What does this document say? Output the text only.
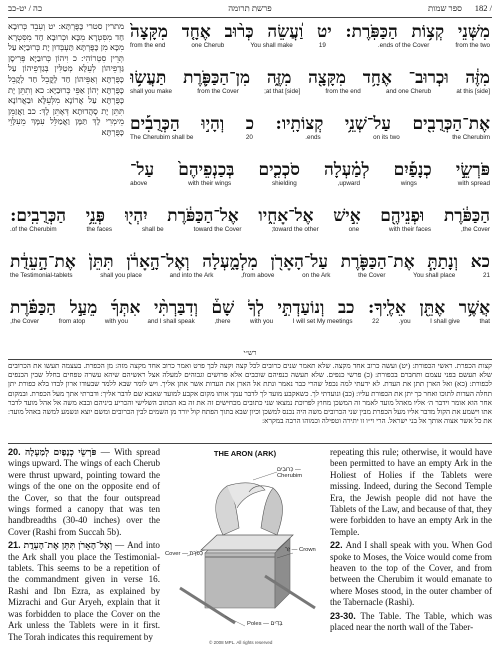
כה / יט-כב	פרשת תרומה	ספר שמות 182 /
מתרין סטרי כָּפֻּרְתָּא: יט וְעִבֵד כְּרוּבָא חַד מִסִּטְרָא מִכָּא וּכְרוּבָא חַד מִסִּטְרָא מִכָּא מִן כָּפֻּרְתָּא תַּעְבְּדוּן יָת כְּרוּבַיָּא עַל תְּרֵין סִטְרוֹהִי: כ וִיהוֹן כְּרוּבַיָּא פְּרִיסָן גַּדְפֵיהוֹן לְעֵלָּא מְטַלִּין בְּגַדְפֵיהוֹן עַל כָּפֻּרְתָּא וְאַפֵּיהוֹן חַד לָקֳבֵל חַד לָקֳבֵל כָּפֻּרְתָּא יְהוֹן אַפֵּי כְּרוּבַיָּא: כא וְתִתֵּן יָת כָּפֻּרְתָּא עַל אֲרוֹנָא מִלְּעֵלָּא וּבַאֲרוֹנָא תִּתֵּן יָת סָהֲדוּתָא דְּאֶתֵּן לָךְ: כב וַאֲזַמֵּן מֵימְרִי לָךְ תַּמָּן וַאֲמַלֵּל עִמָּךְ מֵעִלָּוֵי כָּפֻּרְתָּא
מִשְּׁנֵי
קְצ֥וֹת
הַכַּפֹּֽרֶת:
יט
וַ֠עֲשֵׂה
כְּר֨וּב
אֶחָ֤ד
מִקָּצָה֙
from the two
ends of the Cover.
19
You shall make
one Cherub
from the end
מִזֶּ֔ה
וּכְרוּב־
אֶחָ֥ד
מִקָּצָ֖ה
מִזֶּ֑ה
מִן־הַכַּפֹּ֛רֶת
תַּעֲשׂ֥וּ
at this [side]
and one Cherub
from the end
at that [side];
from the Cover
shall you make
אֶת־הַכְּרֻבִ֖ים
עַל־שְׁנֵ֥י
קְצוֹתָֽיו:
כ
וְהָי֣וּ
הַכְּרֻבִ֡ים
the Cherubim
on its two
ends.
20
The Cherubim shall be
פֹּרְשֵׂ֣י
כְנָפַ֡יִם
לְמַ֗עְלָה
סֹכְכִ֤ים
בְּכַנְפֵיהֶם֙
עַל־
with spread
wings
upward,
shielding
with their wings
above
הַכַּפֹּ֔רֶת
וּפְנֵיהֶ֖ם
אִ֣ישׁ
אֶל־אָחִ֑יו
אֶל־הַכַּפֹּ֔רֶת
יִהְי֖וּ
פְּנֵ֥י
הַכְּרֻבִֽים:
the Cover,
with their faces
one
toward the other;
toward the Cover
shall be
the faces
of the Cherubim.
כא
וְנָתַתָּ֧
אֶת־הַכַּפֹּ֛רֶת
עַל־הָאָרֹ֖ן
מִלְמָ֑עְלָה
וְאֶל־הָ֣אָרֹ֔ן
תִּתֵּן֙
אֶת־הָ֣עֵדֻ֔ת
21
You shall place
the Cover
on the Ark
from above,
and into the Ark
shall you place
the Testimonial-tablets
אֲשֶׁ֥ר
אֶתֵּ֖ן
אֵלֶֽיךָ:
כב
וְנוֹעַדְתִּ֣י
לְךָ֮
שָׁם֒
וְדִבַּרְתִּ֨י
אִתְּךָ֜
מֵעַ֣ל
הַכַּפֹּ֗רֶת
that
I shall give
you.
22
I will set My meetings
with you
there,
and I shall speak
with you
from atop
the Cover,
רש״י
קצות הכפרת. ראשי הכפורת: (יט) ועשה כרוב אחד מקצה. שלא תאמר שנים כרובים לכל קצה וקצה לכך פרט ואמר כרוב אחד מקצה מזה: מן הכפרת. בעצמה תעשו את הכרובים שלא תעשם בפני עצמם ותחברם בכפורת: (כ) פרשי כנפים. שלא תעשה כנפיהם שוכבים אלא פרושים וגבוהים למעלה אצל ראשיהם שיהא עשרה טפחים בחלל שבין הכנפים לכפורת: (כא) ואל הארן תתן את העדת. לא ידעתי למה נכפל שהרי כבר נאמר ונתת אל הארן את העדות אשר אתן אליך. ויש לומר שבא ללמד שבעודו ארון לבדו בלא כפורת יתן תחלה העדות לתוכו ואחר כך יתן את הכפורת עליו: (כב) ונועדתי לך. כשאקבע מועד לך לדבר עמך אותו מקום אקבע למועד שאבא שם לדבר אליך: ודברתי אתך מעל הכפרת. ובמקום אחר הוא אומר וידבר ה׳ אליו מאהל מועד לאמר זה המשכן מחוץ לפרוכת נמצאו שני כתובים מכחישים זה את זה בא הכתוב השלישי והכריע ביניהם ובבא משה אל אהל מועד לדבר אתו וישמע את הקול מדבר אליו מעל הכפרת מבין שני הכרובים משה היה נכנס למשכן וכיון שבא בתוך הפתח קול יורד מן השמים לבין הכרובים ומשם יוצא ונשמע למשה באהל מועד: את כל אשר אצוה אותך אל בני ישראל. הרי וי״ו זו יתירה וטפילה וכמוהו הרבה במקרא:

20. פֹּרְשֵׂי כְנָפַיִם לְמַעְלָה — With spread wings upward. The wings of each Cherub were thrust upward, pointing toward the wings of the one on the opposite end of the Cover, so that the four outspread wings formed a canopy that was ten handbreadths (30-40 inches) over the Cover (Rashi from Succah 5b).

21. וְאֶל־הָאָרֹן תִּתֵּן אֶת־הָעֵדֻת — And into the Ark shall you place the Testimonial-tablets. This seems to be a repetition of the commandment given in verse 16. Rashi and Ibn Ezra, as explained by Mizrachi and Gur Aryeh, explain that it was forbidden to place the Cover on the Ark unless the Tablets were in it first. The Torah indicates this requirement by

THE ARON (ARK)
כְּרוּבִים — Cherubim
זֵר — Crown
Cover — כַּפֹּרֶת
Poles — בַּדִּים
© 2008 MPL. All rights reserved

repeating this rule; otherwise, it would have been permitted to have an empty Ark in the Holiest of Holies if the Tablets were missing. Indeed, during the Second Temple Era, the Jewish people did not have the Tablets of the Law, and because of that, they were forbidden to have an empty Ark in the Temple.

22. And I shall speak with you. When God spoke to Moses, the Voice would come from heaven to the top of the Cover, and from between the Cherubim it would emanate to where Moses stood, in the outer chamber of the Tabernacle (Rashi).

23-30. The Table. The Table, which was placed near the north wall of the Taber-
